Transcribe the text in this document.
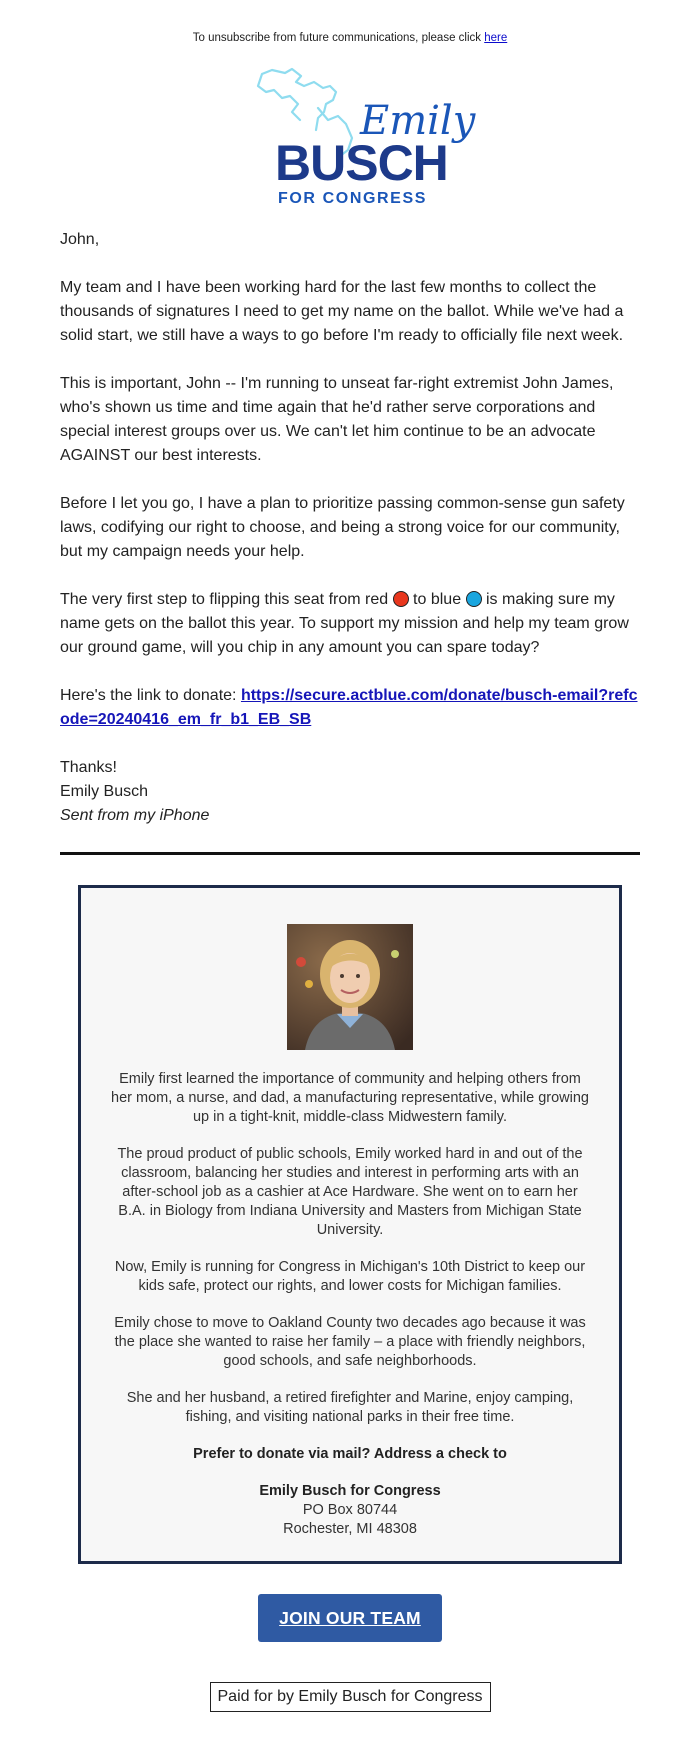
To unsubscribe from future communications, please click here
Emily
BUSCH
FOR CONGRESS

John,

My team and I have been working hard for the last few months to collect the thousands of signatures I need to get my name on the ballot. While we've had a solid start, we still have a ways to go before I'm ready to officially file next week.

This is important, John -- I'm running to unseat far-right extremist John James, who's shown us time and time again that he'd rather serve corporations and special interest groups over us. We can't let him continue to be an advocate AGAINST our best interests.

Before I let you go, I have a plan to prioritize passing common-sense gun safety laws, codifying our right to choose, and being a strong voice for our community, but my campaign needs your help.

The very first step to flipping this seat from red to blue is making sure my name gets on the ballot this year. To support my mission and help my team grow our ground game, will you chip in any amount you can spare today?

Here's the link to donate: https://secure.actblue.com/donate/busch-email?refcode=20240416_em_fr_b1_EB_SB

Thanks!

Emily Busch

Sent from my iPhone

Emily first learned the importance of community and helping others from her mom, a nurse, and dad, a manufacturing representative, while growing up in a tight-knit, middle-class Midwestern family.

The proud product of public schools, Emily worked hard in and out of the classroom, balancing her studies and interest in performing arts with an after-school job as a cashier at Ace Hardware. She went on to earn her B.A. in Biology from Indiana University and Masters from Michigan State University.

Now, Emily is running for Congress in Michigan's 10th District to keep our kids safe, protect our rights, and lower costs for Michigan families.

Emily chose to move to Oakland County two decades ago because it was the place she wanted to raise her family – a place with friendly neighbors, good schools, and safe neighborhoods.

She and her husband, a retired firefighter and Marine, enjoy camping, fishing, and visiting national parks in their free time.

Prefer to donate via mail? Address a check to

Emily Busch for Congress

PO Box 80744

Rochester, MI 48308

JOIN OUR TEAM
Paid for by Emily Busch for Congress
